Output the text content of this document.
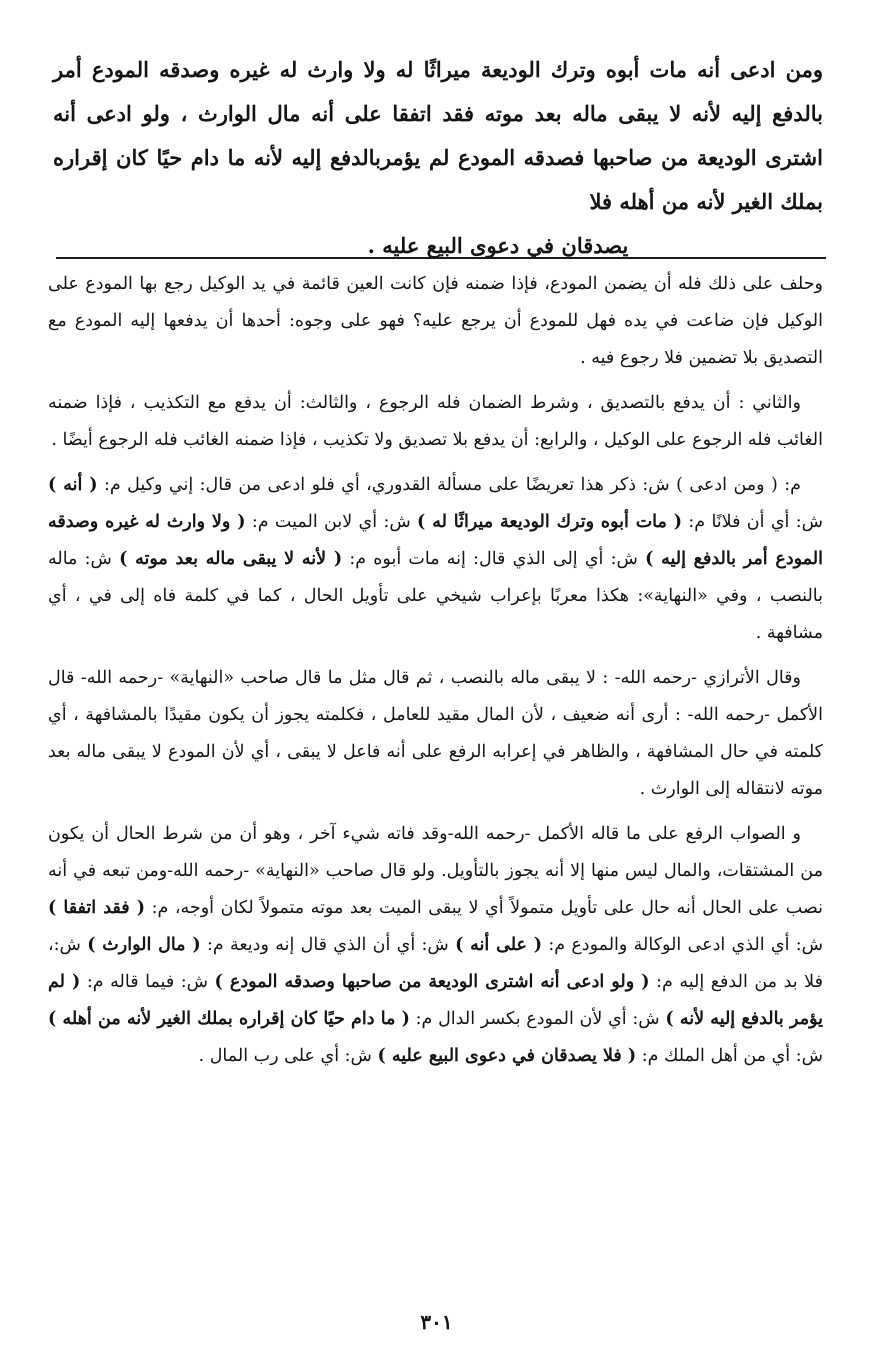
ومن ادعى أنه مات أبوه وترك الوديعة ميراثًا له ولا وارث له غيره وصدقه المودع أمر بالدفع إليه لأنه لا يبقى ماله بعد موته فقد اتفقا على أنه مال الوارث ، ولو ادعى أنه اشترى الوديعة من صاحبها فصدقه المودع لم يؤمربالدفع إليه لأنه ما دام حيًا كان إقراره بملك الغير لأنه من أهله فلا
يصدقان في دعوى البيع عليه .

وحلف على ذلك فله أن يضمن المودع، فإذا ضمنه فإن كانت العين قائمة في يد الوكيل رجع بها المودع على الوكيل فإن ضاعت في يده فهل للمودع أن يرجع عليه؟ فهو على وجوه: أحدها أن يدفعها إليه المودع مع التصديق بلا تضمين فلا رجوع فيه .

والثاني : أن يدفع بالتصديق ، وشرط الضمان فله الرجوع ، والثالث: أن يدفع مع التكذيب ، فإذا ضمنه الغائب فله الرجوع على الوكيل ، والرابع: أن يدفع بلا تصديق ولا تكذيب ، فإذا ضمنه الغائب فله الرجوع أيضًا .

م: ( ومن ادعى ) ش: ذكر هذا تعريضًا على مسألة القدوري، أي فلو ادعى من قال: إني وكيل م: ( أنه ) ش: أي أن فلانًا م: ( مات أبوه وترك الوديعة ميراثًا له ) ش: أي لابن الميت م: ( ولا وارث له غيره وصدقه المودع أمر بالدفع إليه ) ش: أي إلى الذي قال: إنه مات أبوه م: ( لأنه لا يبقى ماله بعد موته ) ش: ماله بالنصب ، وفي «النهاية»: هكذا معربًا بإعراب شيخي على تأويل الحال ، كما في كلمة فاه إلى في ، أي مشافهة .

وقال الأترازي -رحمه الله- : لا يبقى ماله بالنصب ، ثم قال مثل ما قال صاحب «النهاية» -رحمه الله- قال الأكمل -رحمه الله- : أرى أنه ضعيف ، لأن المال مقيد للعامل ، فكلمته يجوز أن يكون مقيدًا بالمشافهة ، أي كلمته في حال المشافهة ، والظاهر في إعرابه الرفع على أنه فاعل لا يبقى ، أي لأن المودع لا يبقى ماله بعد موته لانتقاله إلى الوارث .

و الصواب الرفع على ما قاله الأكمل -رحمه الله-وقد فاته شيء آخر ، وهو أن من شرط الحال أن يكون من المشتقات، والمال ليس منها إلا أنه يجوز بالتأويل. ولو قال صاحب «النهاية» -رحمه الله-ومن تبعه في أنه نصب على الحال أنه حال على تأويل متمولاً أي لا يبقى الميت بعد موته متمولاً لكان أوجه، م: ( فقد اتفقا ) ش: أي الذي ادعى الوكالة والمودع م: ( على أنه ) ش: أي أن الذي قال إنه وديعة م: ( مال الوارث ) ش:، فلا بد من الدفع إليه م: ( ولو ادعى أنه اشترى الوديعة من صاحبها وصدقه المودع ) ش: فيما قاله م: ( لم يؤمر بالدفع إليه لأنه ) ش: أي لأن المودع بكسر الدال م: ( ما دام حيًا كان إقراره بملك الغير لأنه من أهله ) ش: أي من أهل الملك م: ( فلا يصدقان في دعوى البيع عليه ) ش: أي على رب المال .

٣٠١
